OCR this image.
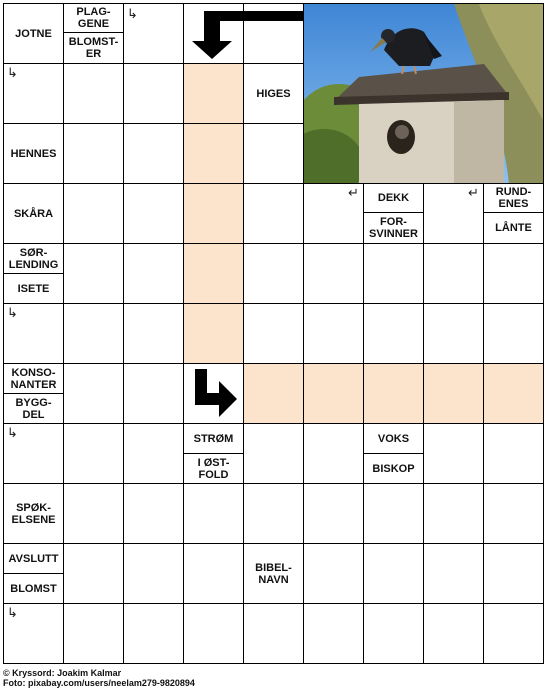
JOTNE
PLAG-
GENE
BLOMST-
ER
↳
↳
HIGES
HENNES
SKÅRA
↵	DEKK
FOR-
SVINNER
↵	RUND-
ENES
LÅNTE
SØR-
LENDING
ISETE
↳
KONSO-
NANTER
BYGG-
DEL
↳	STRØM
I ØST-
FOLD
VOKS
BISKOP
SPØK-
ELSENE
AVSLUTT
BLOMST
BIBEL-
NAVN
↳
© Kryssord: Joakim Kalmar
Foto: pixabay.com/users/neelam279-9820894
